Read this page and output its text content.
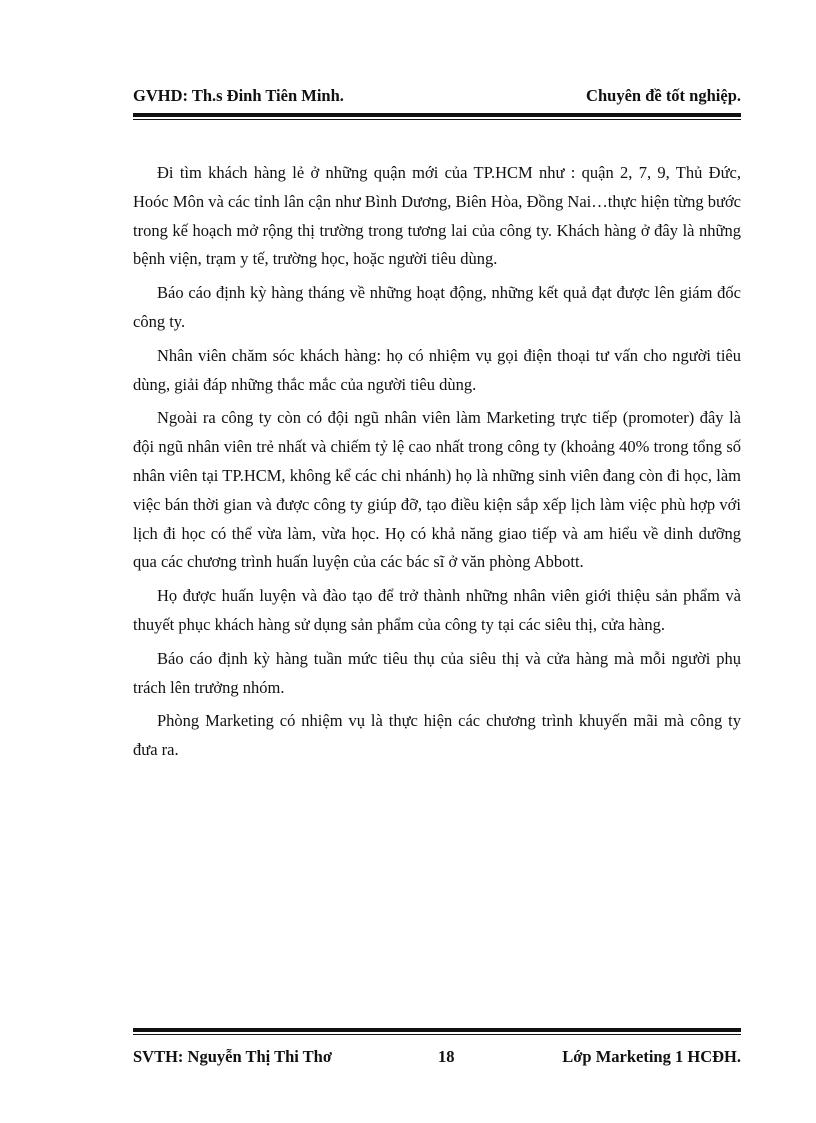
GVHD: Th.s Đinh Tiên Minh.	Chuyên đề tốt nghiệp.

Đi tìm khách hàng lẻ ở những quận mới của TP.HCM như : quận 2, 7, 9, Thủ Đức, Hoóc Môn và các tỉnh lân cận như Bình Dương, Biên Hòa, Đồng Nai…thực hiện từng bước trong kế hoạch mở rộng thị trường trong tương lai của công ty. Khách hàng ở đây là những bệnh viện, trạm y tế, trường học, hoặc người tiêu dùng.

Báo cáo định kỳ hàng tháng về những hoạt động, những kết quả đạt được lên giám đốc công ty.

Nhân viên chăm sóc khách hàng: họ có nhiệm vụ gọi điện thoại tư vấn cho người tiêu dùng, giải đáp những thắc mắc của người tiêu dùng.

Ngoài ra công ty còn có đội ngũ nhân viên làm Marketing trực tiếp (promoter) đây là đội ngũ nhân viên trẻ nhất và chiếm tỷ lệ cao nhất trong công ty (khoảng 40% trong tổng số nhân viên tại TP.HCM, không kể các chi nhánh) họ là những sinh viên đang còn đi học, làm việc bán thời gian và được công ty giúp đỡ, tạo điều kiện sắp xếp lịch làm việc phù hợp với lịch đi học có thể vừa làm, vừa học. Họ có khả năng giao tiếp và am hiểu về dinh dưỡng qua các chương trình huấn luyện của các bác sĩ ở văn phòng Abbott.

Họ được huấn luyện và đào tạo để trở thành những nhân viên giới thiệu sản phẩm và thuyết phục khách hàng sử dụng sản phẩm của công ty tại các siêu thị, cửa hàng.

Báo cáo định kỳ hàng tuần mức tiêu thụ của siêu thị và cửa hàng mà mỗi người phụ trách lên trưởng nhóm.

Phòng Marketing có nhiệm vụ là thực hiện các chương trình khuyến mãi mà công ty đưa ra.

SVTH: Nguyễn Thị Thi Thơ	18	Lớp Marketing 1 HCĐH.
